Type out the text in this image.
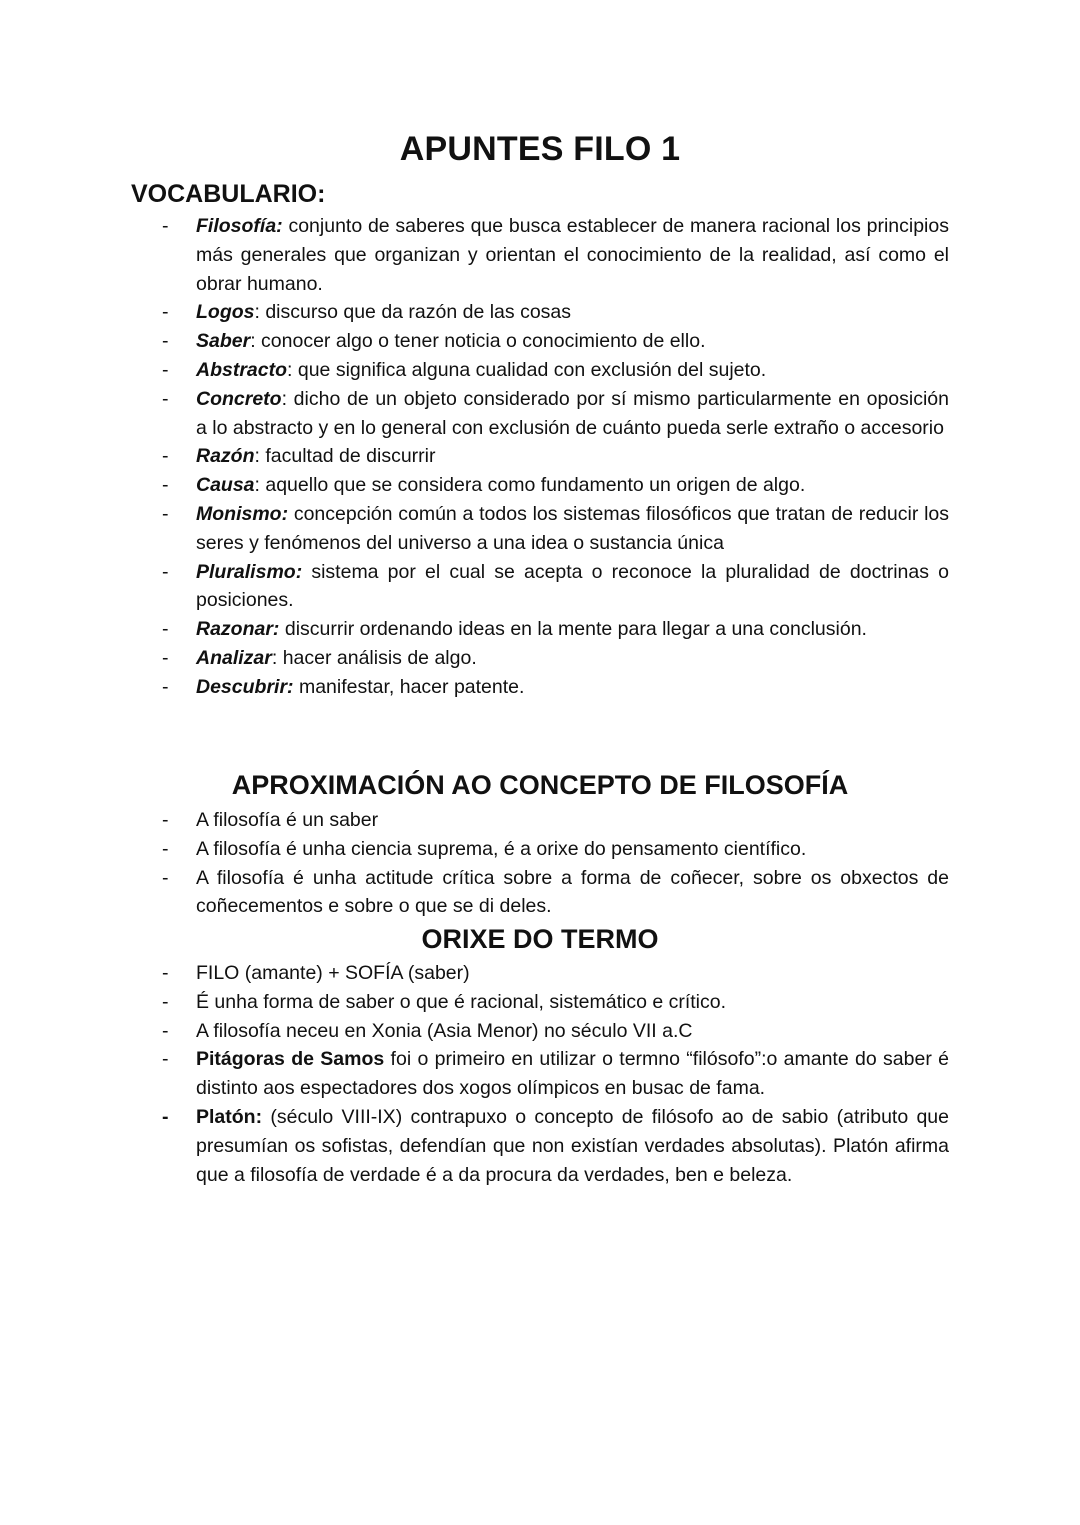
APUNTES FILO 1
VOCABULARIO:
- Filosofía: conjunto de saberes que busca establecer de manera racional los principios más generales que organizan y orientan el conocimiento de la realidad, así como el obrar humano.
- Logos: discurso que da razón de las cosas
- Saber: conocer algo o tener noticia o conocimiento de ello.
- Abstracto: que significa alguna cualidad con exclusión del sujeto.
- Concreto: dicho de un objeto considerado por sí mismo particularmente en oposición a lo abstracto y en lo general con exclusión de cuánto pueda serle extraño o accesorio
- Razón: facultad de discurrir
- Causa: aquello que se considera como fundamento un origen de algo.
- Monismo: concepción común a todos los sistemas filosóficos que tratan de reducir los seres y fenómenos del universo a una idea o sustancia única
- Pluralismo: sistema por el cual se acepta o reconoce la pluralidad de doctrinas o posiciones.
- Razonar: discurrir ordenando ideas en la mente para llegar a una conclusión.
- Analizar: hacer análisis de algo.
- Descubrir: manifestar, hacer patente.
APROXIMACIÓN AO CONCEPTO DE FILOSOFÍA
- A filosofía é un saber
- A filosofía é unha ciencia suprema, é a orixe do pensamento científico.
- A filosofía é unha actitude crítica sobre a forma de coñecer, sobre os obxectos de coñecementos e sobre o que se di deles.
ORIXE DO TERMO
- FILO (amante) + SOFÍA (saber)
- É unha forma de saber o que é racional, sistemático e crítico.
- A filosofía neceu en Xonia (Asia Menor) no século VII a.C
- Pitágoras de Samos foi o primeiro en utilizar o termno “filósofo”:o amante do saber é distinto aos espectadores dos xogos olímpicos en busac de fama.
- Platón: (século VIII-IX) contrapuxo o concepto de filósofo ao de sabio (atributo que presumían os sofistas, defendían que non existían verdades absolutas). Platón afirma que a filosofía de verdade é a da procura da verdades, ben e beleza.
